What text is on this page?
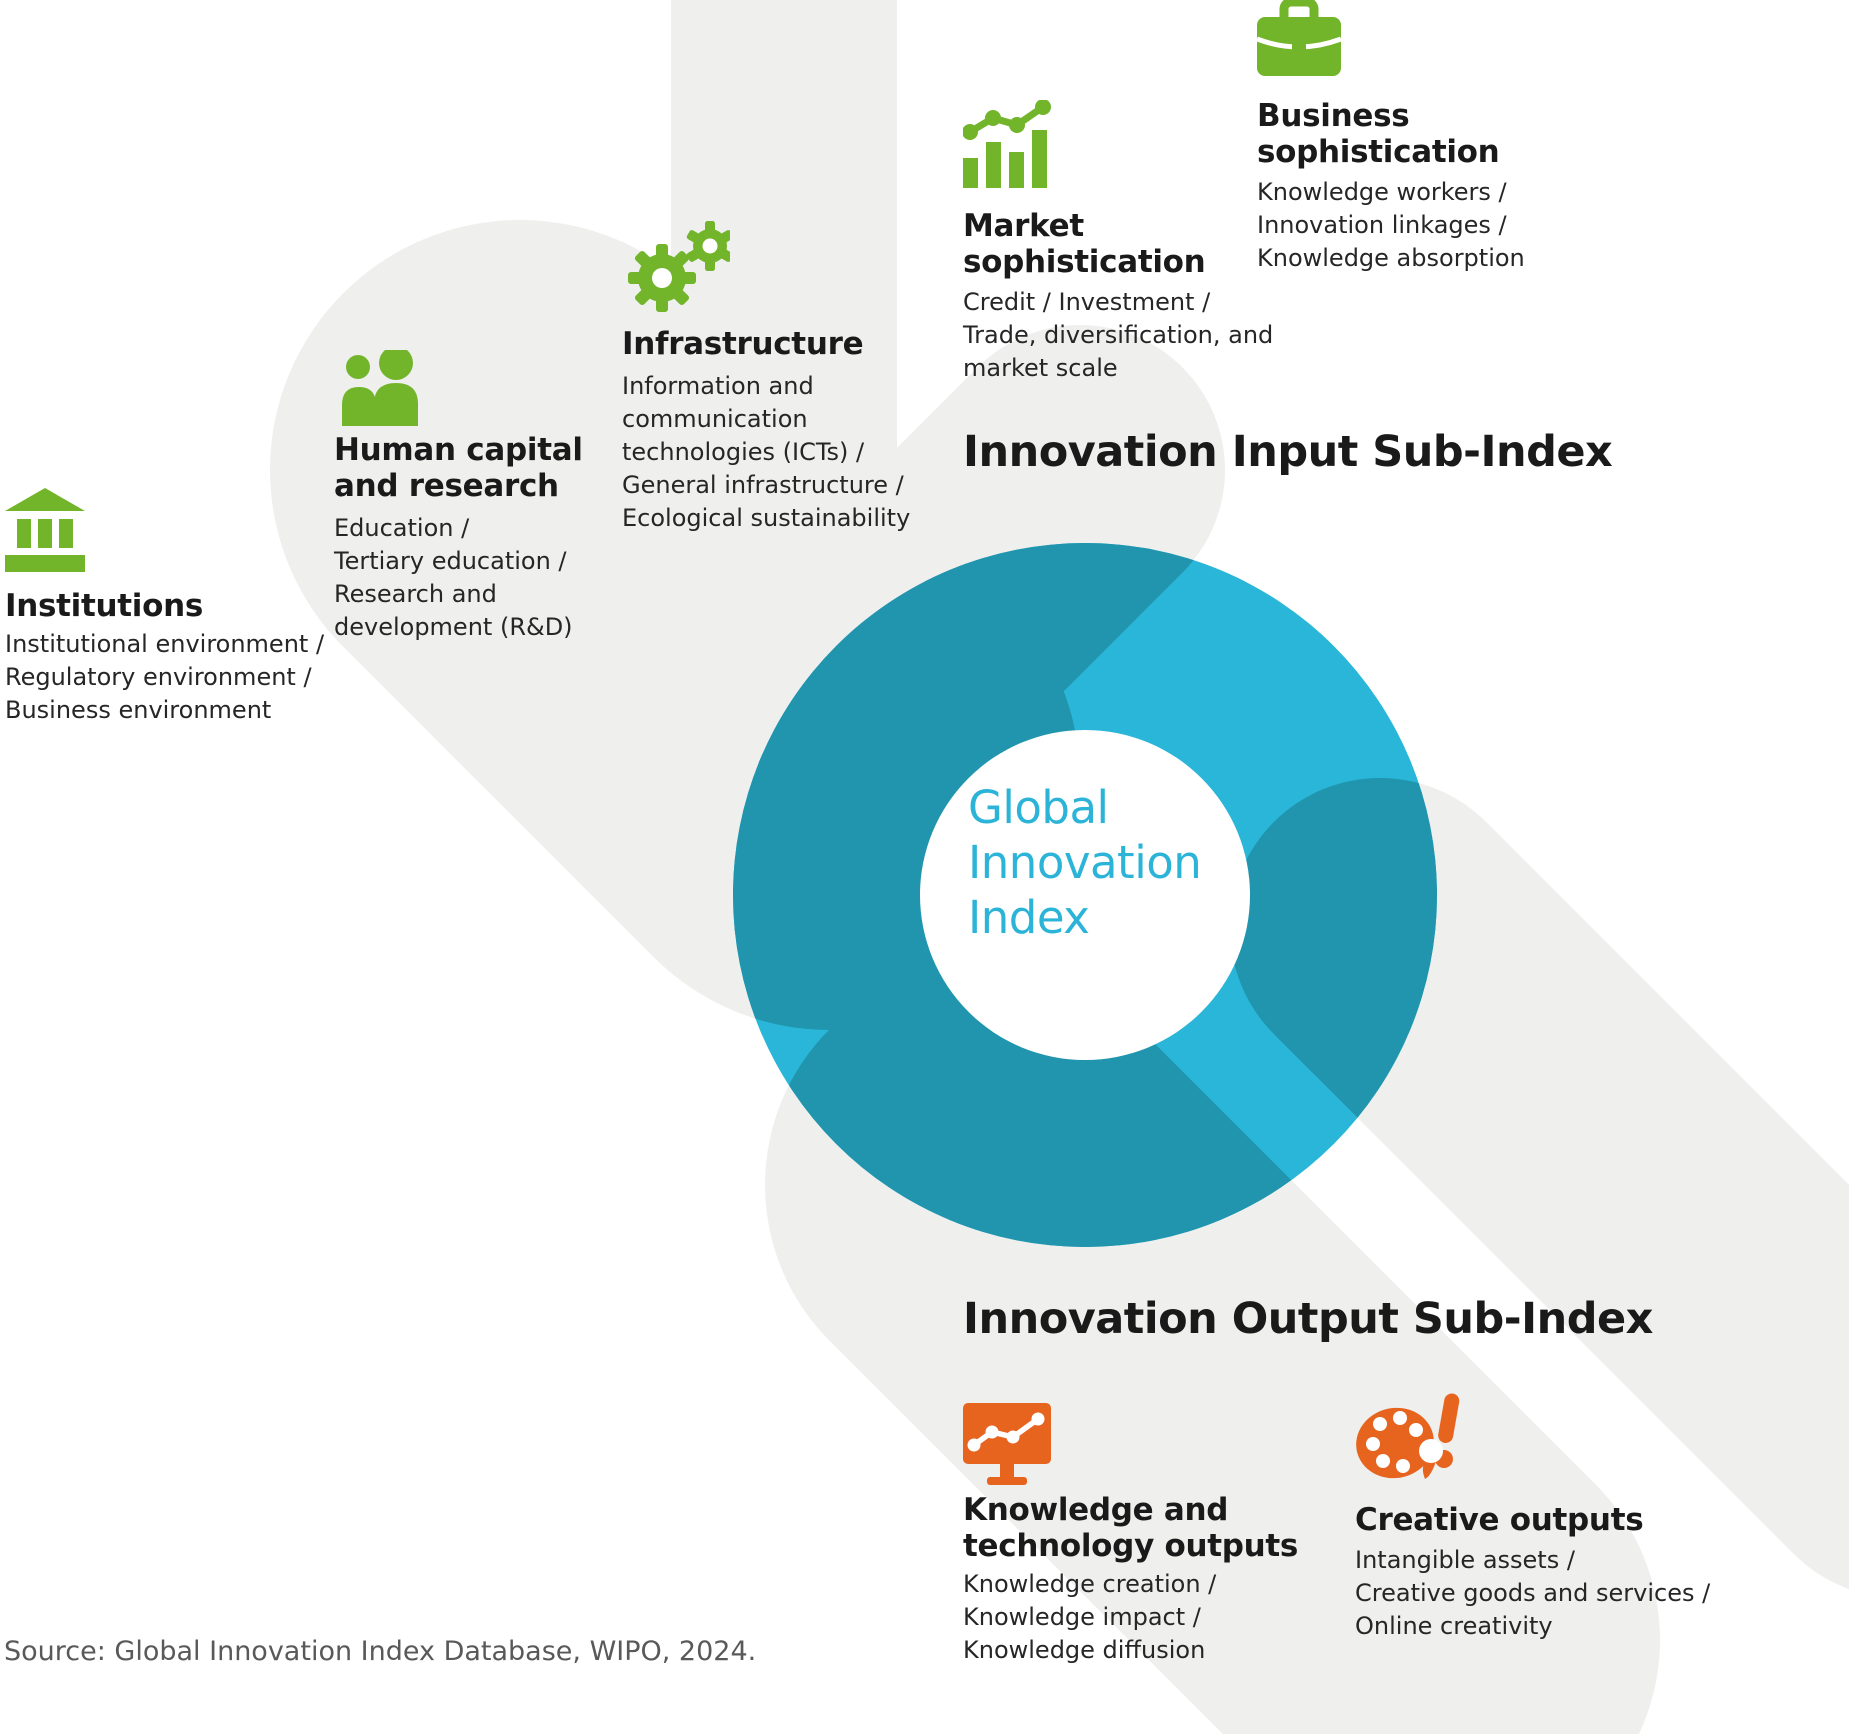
Institutions
Institutional environment /
Regulatory environment /
Business environment
Human capital
and research
Education /
Tertiary education /
Research and
development (R&D)
Infrastructure
Information and
communication
technologies (ICTs) /
General infrastructure /
Ecological sustainability
Market
sophistication
Credit / Investment /
Trade, diversification, and
market scale
Business
sophistication
Knowledge workers /
Innovation linkages /
Knowledge absorption
Innovation Input Sub-Index
Innovation Output Sub-Index
Global
Innovation
Index
Knowledge and
technology outputs
Knowledge creation /
Knowledge impact /
Knowledge diffusion
Creative outputs
Intangible assets /
Creative goods and services /
Online creativity
Source: Global Innovation Index Database, WIPO, 2024.
